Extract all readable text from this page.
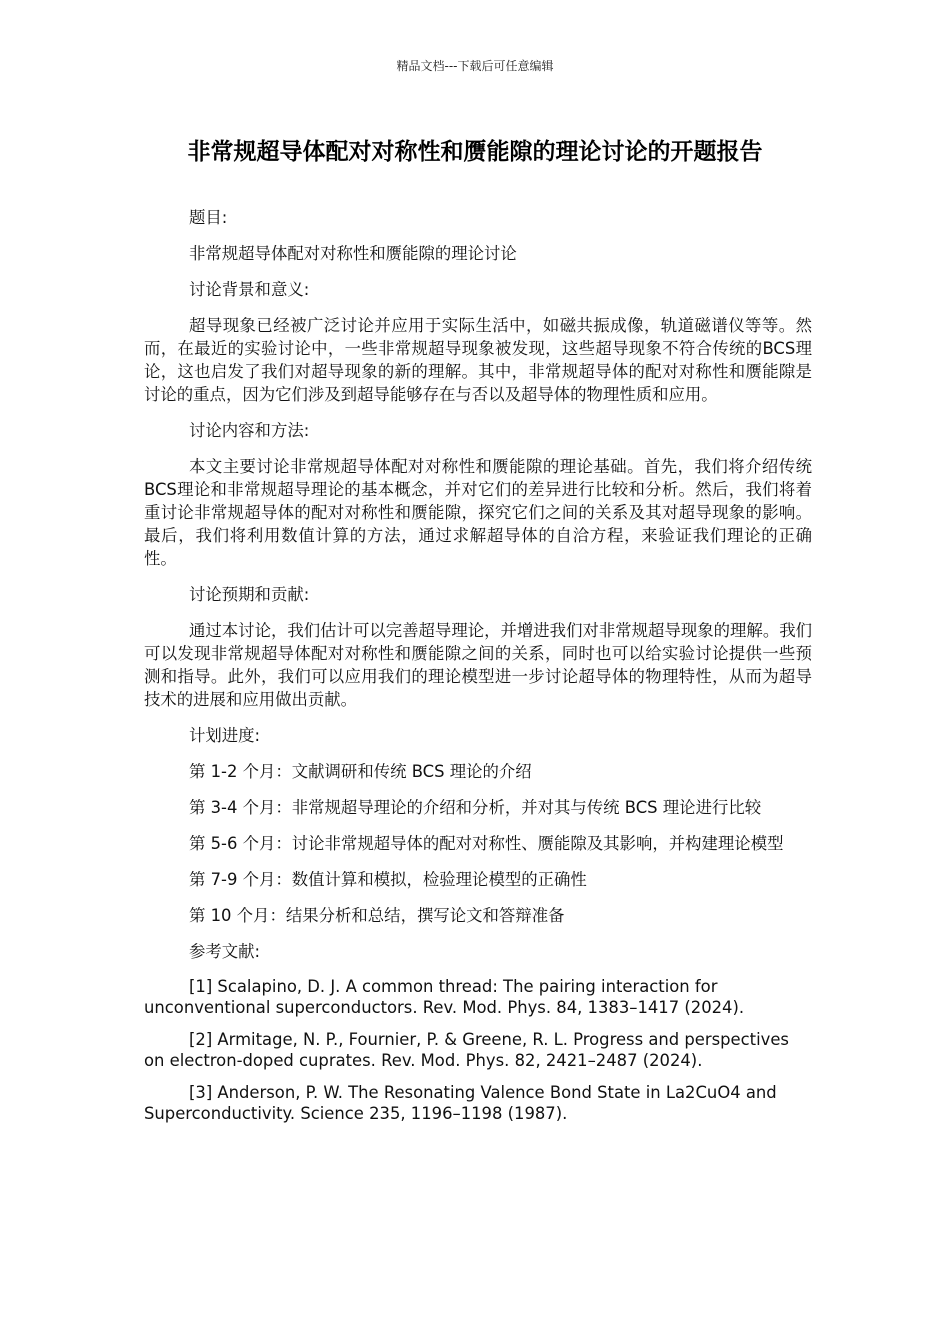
精品文档---下载后可任意编辑
非常规超导体配对对称性和赝能隙的理论讨论的开题报告

题目:

非常规超导体配对对称性和赝能隙的理论讨论

讨论背景和意义:

超导现象已经被广泛讨论并应用于实际生活中，如磁共振成像，轨道磁谱仪等等。然而，在最近的实验讨论中，一些非常规超导现象被发现，这些超导现象不符合传统的BCS理论，这也启发了我们对超导现象的新的理解。其中，非常规超导体的配对对称性和赝能隙是讨论的重点，因为它们涉及到超导能够存在与否以及超导体的物理性质和应用。

讨论内容和方法:

本文主要讨论非常规超导体配对对称性和赝能隙的理论基础。首先，我们将介绍传统BCS理论和非常规超导理论的基本概念，并对它们的差异进行比较和分析。然后，我们将着重讨论非常规超导体的配对对称性和赝能隙，探究它们之间的关系及其对超导现象的影响。最后，我们将利用数值计算的方法，通过求解超导体的自洽方程，来验证我们理论的正确性。

讨论预期和贡献:

通过本讨论，我们估计可以完善超导理论，并增进我们对非常规超导现象的理解。我们可以发现非常规超导体配对对称性和赝能隙之间的关系，同时也可以给实验讨论提供一些预测和指导。此外，我们可以应用我们的理论模型进一步讨论超导体的物理特性，从而为超导技术的进展和应用做出贡献。

计划进度:

第 1-2 个月：文献调研和传统 BCS 理论的介绍

第 3-4 个月：非常规超导理论的介绍和分析，并对其与传统 BCS 理论进行比较

第 5-6 个月：讨论非常规超导体的配对对称性、赝能隙及其影响，并构建理论模型

第 7-9 个月：数值计算和模拟，检验理论模型的正确性

第 10 个月：结果分析和总结，撰写论文和答辩准备

参考文献:

[1] Scalapino, D. J. A common thread: The pairing interaction for unconventional superconductors. Rev. Mod. Phys. 84, 1383–1417 (2024).

[2] Armitage, N. P., Fournier, P. & Greene, R. L. Progress and perspectives on electron-doped cuprates. Rev. Mod. Phys. 82, 2421–2487 (2024).

[3] Anderson, P. W. The Resonating Valence Bond State in La2CuO4 and Superconductivity. Science 235, 1196–1198 (1987).
